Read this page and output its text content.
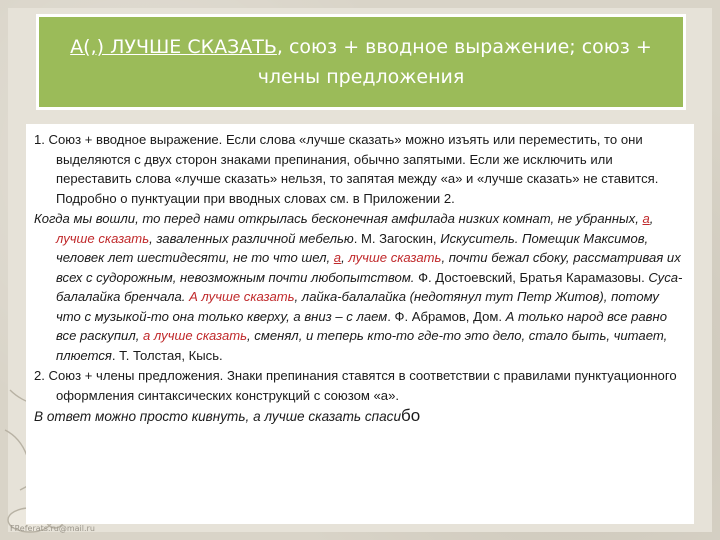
А(,) ЛУЧШЕ СКАЗАТЬ, союз + вводное выражение; союз + члены предложения

1. Союз + вводное выражение. Если слова «лучше сказать» можно изъять или переместить, то они выделяются с двух сторон знаками препинания, обычно запятыми. Если же исключить или переставить слова «лучше сказать» нельзя, то запятая между «а» и «лучше сказать» не ставится. Подробно о пунктуации при вводных словах см. в Приложении 2.

Когда мы вошли, то перед нами открылась бесконечная амфилада низких комнат, не убранных, а, лучше сказать, заваленных различной мебелью. М. Загоскин, Искуситель. Помещик Максимов, человек лет шестидесяти, не то что шел, а, лучше сказать, почти бежал сбоку, рассматривая их всех с судорожным, невозможным почти любопытством. Ф. Достоевский, Братья Карамазовы. Суса-балалайка бренчала. А лучше сказать, лайка-балалайка (недотянул тут Петр Житов), потому что с музыкой-то она только кверху, а вниз – с лаем. Ф. Абрамов, Дом. А только народ все равно все раскупил, а лучше сказать, сменял, и теперь кто-то где-то это дело, стало быть, читает, плюется. Т. Толстая, Кысь.

2. Союз + члены предложения. Знаки препинания ставятся в соответствии с правилами пунктуационного оформления синтаксических конструкций с союзом «а».

В ответ можно просто кивнуть, а лучше сказать спасибо

FReferats.ru@mail.ru
